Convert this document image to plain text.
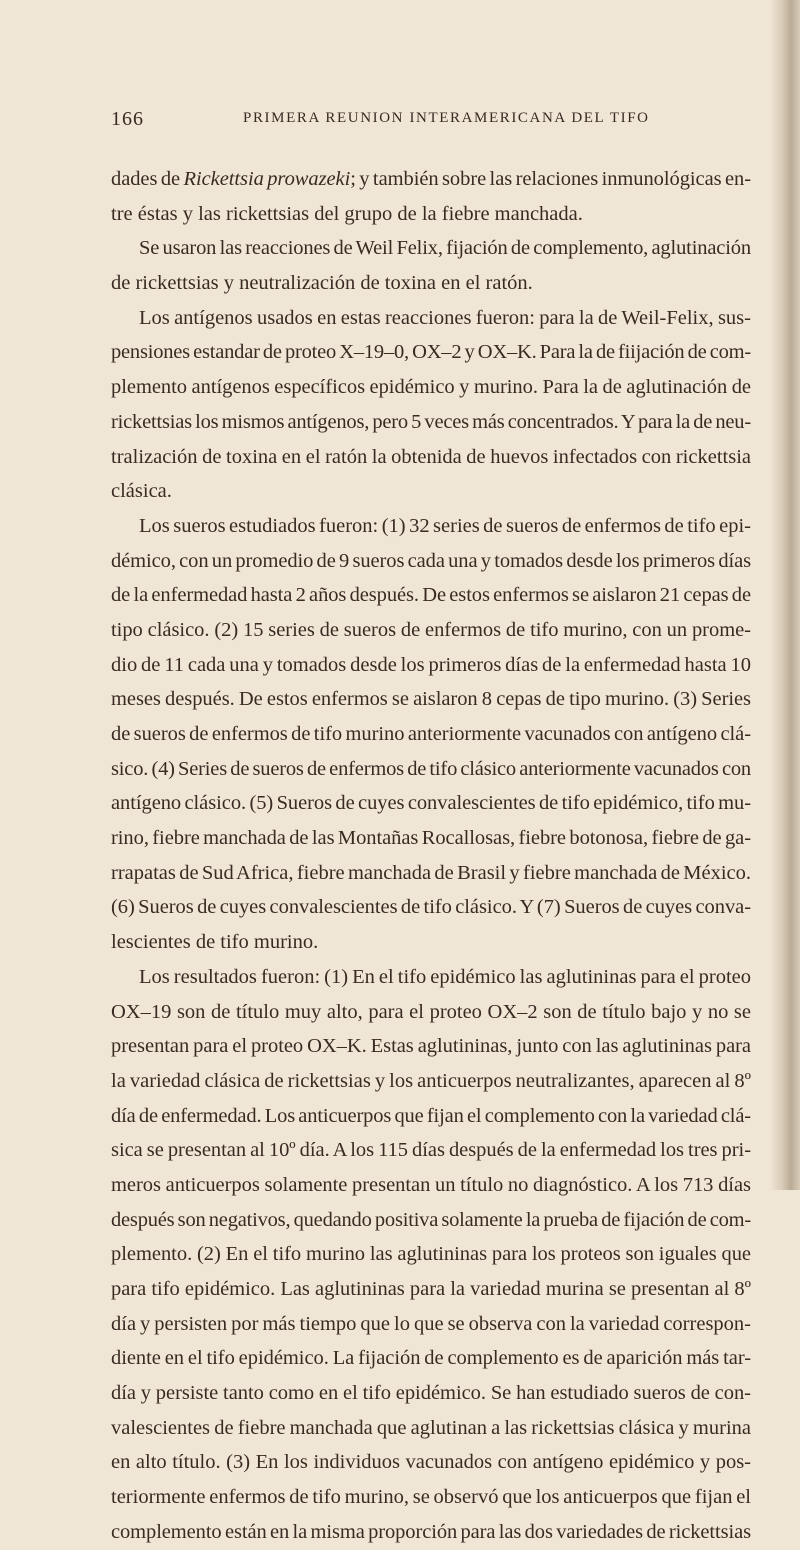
166	PRIMERA REUNION INTERAMERICANA DEL TIFO
dades de Rickettsia prowazeki; y también sobre las relaciones inmunológicas en-
tre éstas y las rickettsias del grupo de la fiebre manchada.
Se usaron las reacciones de Weil Felix, fijación de complemento, aglutinación
de rickettsias y neutralización de toxina en el ratón.
Los antígenos usados en estas reacciones fueron: para la de Weil-Felix, sus-
pensiones estandar de proteo X–19–0, OX–2 y OX–K. Para la de fiijación de com-
plemento antígenos específicos epidémico y murino. Para la de aglutinación de
rickettsias los mismos antígenos, pero 5 veces más concentrados. Y para la de neu-
tralización de toxina en el ratón la obtenida de huevos infectados con rickettsia
clásica.
Los sueros estudiados fueron: (1) 32 series de sueros de enfermos de tifo epi-
démico, con un promedio de 9 sueros cada una y tomados desde los primeros días
de la enfermedad hasta 2 años después. De estos enfermos se aislaron 21 cepas de
tipo clásico. (2) 15 series de sueros de enfermos de tifo murino, con un prome-
dio de 11 cada una y tomados desde los primeros días de la enfermedad hasta 10
meses después. De estos enfermos se aislaron 8 cepas de tipo murino. (3) Series
de sueros de enfermos de tifo murino anteriormente vacunados con antígeno clá-
sico. (4) Series de sueros de enfermos de tifo clásico anteriormente vacunados con
antígeno clásico. (5) Sueros de cuyes convalescientes de tifo epidémico, tifo mu-
rino, fiebre manchada de las Montañas Rocallosas, fiebre botonosa, fiebre de ga-
rrapatas de Sud Africa, fiebre manchada de Brasil y fiebre manchada de México.
(6) Sueros de cuyes convalescientes de tifo clásico. Y (7) Sueros de cuyes conva-
lescientes de tifo murino.
Los resultados fueron: (1) En el tifo epidémico las aglutininas para el proteo
OX–19 son de título muy alto, para el proteo OX–2 son de título bajo y no se
presentan para el proteo OX–K. Estas aglutininas, junto con las aglutininas para
la variedad clásica de rickettsias y los anticuerpos neutralizantes, aparecen al 8º
día de enfermedad. Los anticuerpos que fijan el complemento con la variedad clá-
sica se presentan al 10º día. A los 115 días después de la enfermedad los tres pri-
meros anticuerpos solamente presentan un título no diagnóstico. A los 713 días
después son negativos, quedando positiva solamente la prueba de fijación de com-
plemento. (2) En el tifo murino las aglutininas para los proteos son iguales que
para tifo epidémico. Las aglutininas para la variedad murina se presentan al 8º
día y persisten por más tiempo que lo que se observa con la variedad correspon-
diente en el tifo epidémico. La fijación de complemento es de aparición más tar-
día y persiste tanto como en el tifo epidémico. Se han estudiado sueros de con-
valescientes de fiebre manchada que aglutinan a las rickettsias clásica y murina
en alto título. (3) En los individuos vacunados con antígeno epidémico y pos-
teriormente enfermos de tifo murino, se observó que los anticuerpos que fijan el
complemento están en la misma proporción para las dos variedades de rickettsias
